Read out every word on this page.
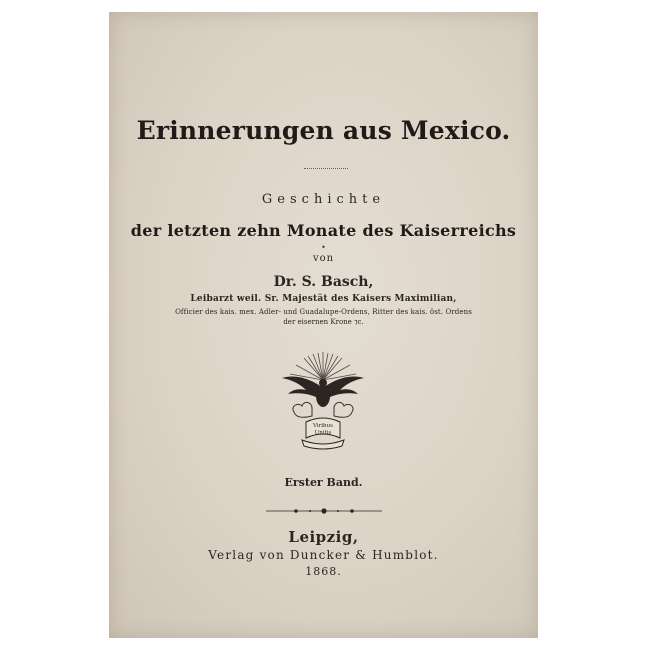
Erinnerungen aus Mexico.
Geschichte
der letzten zehn Monate des Kaiserreichs
•
von
Dr. S. Basch,
Leibarzt weil. Sr. Majestät des Kaisers Maximilian,
Officier des kais. mex. Adler- und Guadalupe-Ordens, Ritter des kais. öst. Ordens
der eisernen Krone ⁊c.
Viribus
Unitis
Erster Band.
Leipzig,
Verlag von Duncker & Humblot.
1868.
